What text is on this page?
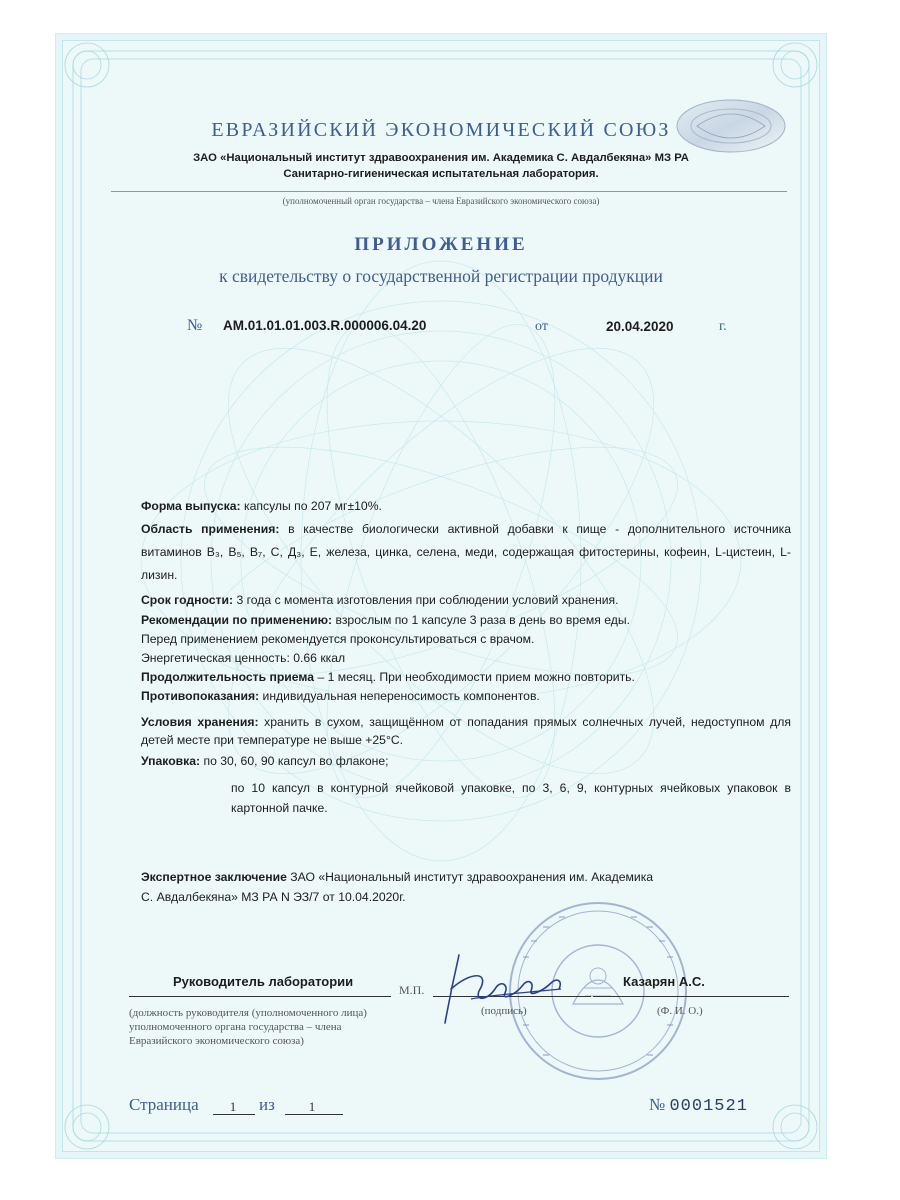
ЕВРАЗИЙСКИЙ ЭКОНОМИЧЕСКИЙ СОЮЗ

ЗАО «Национальный институт здравоохранения им. Академика С. Авдалбекяна» МЗ РА

Санитарно-гигиеническая испытательная лаборатория.

(уполномоченный орган государства – члена Евразийского экономического союза)

ПРИЛОЖЕНИЕ

к свидетельству о государственной регистрации продукции

№ AM.01.01.01.003.R.000006.04.20	от	20.04.2020	г.

Форма выпуска: капсулы по 207 мг±10%.

Область применения: в качестве биологически активной добавки к пище - дополнительного источника витаминов В₃, В₅, В₇, С, Д₃, Е, железа, цинка, селена, меди, содержащая фитостерины, кофеин, L-цистеин, L-лизин.

Срок годности: 3 года с момента изготовления при соблюдении условий хранения.

Рекомендации по применению: взрослым по 1 капсуле 3 раза в день во время еды.

Перед применением рекомендуется проконсультироваться с врачом.

Энергетическая ценность: 0.66 ккал

Продолжительность приема – 1 месяц. При необходимости прием можно повторить.

Противопоказания: индивидуальная непереносимость компонентов.

Условия хранения: хранить в сухом, защищённом от попадания прямых солнечных лучей, недоступном для детей месте при температуре не выше +25°С.

Упаковка: по 30, 60, 90 капсул во флаконе;

по 10 капсул в контурной ячейковой упаковке, по 3, 6, 9, контурных ячейковых упаковок в картонной пачке.

Экспертное заключение ЗАО «Национальный институт здравоохранения им. Академика

С. Авдалбекяна» МЗ РА N ЭЗ/7 от 10.04.2020г.

Руководитель лаборатории
М.П.
Казарян А.С.

(должность руководителя (уполномоченного лица) уполномоченного органа государства – члена Евразийского экономического союза)

(подпись)	(Ф. И. О.)
Страница	1	из	1	№ 0001521
